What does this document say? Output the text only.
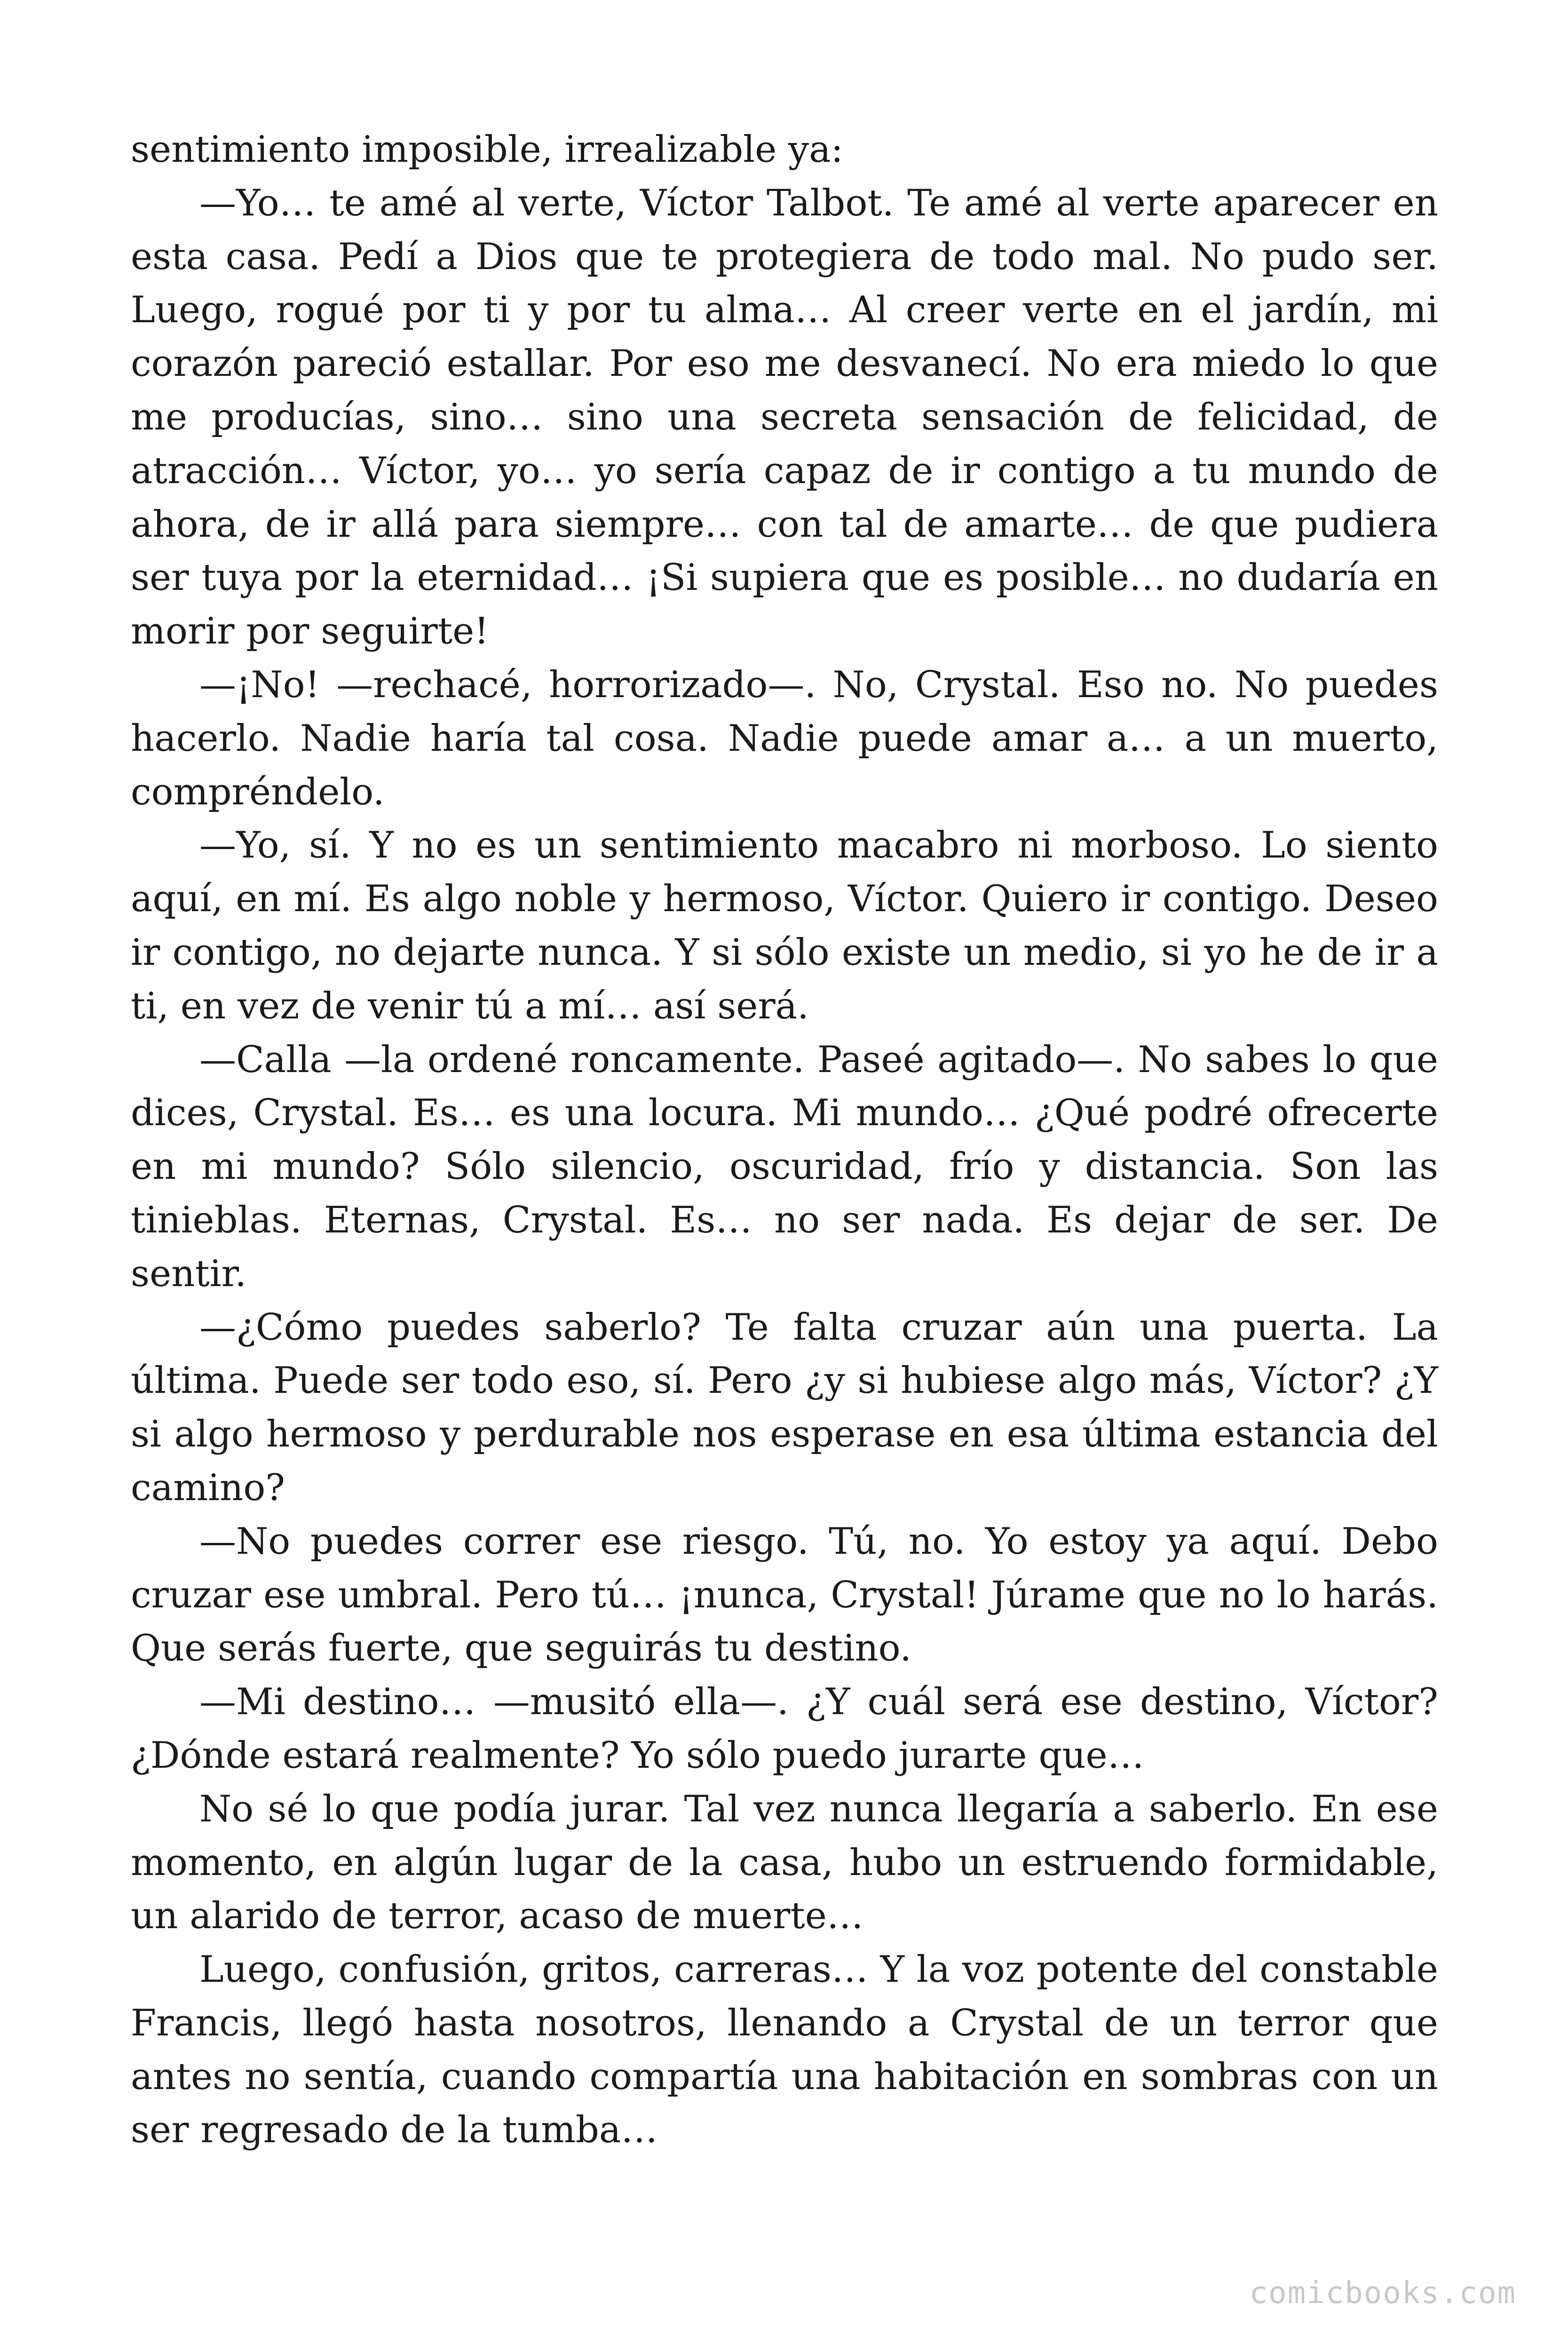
sentimiento imposible, irrealizable ya:

—Yo… te amé al verte, Víctor Talbot. Te amé al verte aparecer en esta casa. Pedí a Dios que te protegiera de todo mal. No pudo ser. Luego, rogué por ti y por tu alma… Al creer verte en el jardín, mi corazón pareció estallar. Por eso me desvanecí. No era miedo lo que me producías, sino… sino una secreta sensación de felicidad, de atracción… Víctor, yo… yo sería capaz de ir contigo a tu mundo de ahora, de ir allá para siempre… con tal de amarte… de que pudiera ser tuya por la eternidad… ¡Si supiera que es posible… no dudaría en morir por seguirte!

—¡No! —rechacé, horrorizado—. No, Crystal. Eso no. No puedes hacerlo. Nadie haría tal cosa. Nadie puede amar a… a un muerto, compréndelo.

—Yo, sí. Y no es un sentimiento macabro ni morboso. Lo siento aquí, en mí. Es algo noble y hermoso, Víctor. Quiero ir contigo. Deseo ir contigo, no dejarte nunca. Y si sólo existe un medio, si yo he de ir a ti, en vez de venir tú a mí… así será.

—Calla —la ordené roncamente. Paseé agitado—. No sabes lo que dices, Crystal. Es… es una locura. Mi mundo… ¿Qué podré ofrecerte en mi mundo? Sólo silencio, oscuridad, frío y distancia. Son las tinieblas. Eternas, Crystal. Es… no ser nada. Es dejar de ser. De sentir.

—¿Cómo puedes saberlo? Te falta cruzar aún una puerta. La última. Puede ser todo eso, sí. Pero ¿y si hubiese algo más, Víctor? ¿Y si algo hermoso y perdurable nos esperase en esa última estancia del camino?

—No puedes correr ese riesgo. Tú, no. Yo estoy ya aquí. Debo cruzar ese umbral. Pero tú… ¡nunca, Crystal! Júrame que no lo harás. Que serás fuerte, que seguirás tu destino.

—Mi destino… —musitó ella—. ¿Y cuál será ese destino, Víctor? ¿Dónde estará realmente? Yo sólo puedo jurarte que…

No sé lo que podía jurar. Tal vez nunca llegaría a saberlo. En ese momento, en algún lugar de la casa, hubo un estruendo formidable, un alarido de terror, acaso de muerte…

Luego, confusión, gritos, carreras… Y la voz potente del constable Francis, llegó hasta nosotros, llenando a Crystal de un terror que antes no sentía, cuando compartía una habitación en sombras con un ser regresado de la tumba…

comicbooks.com
